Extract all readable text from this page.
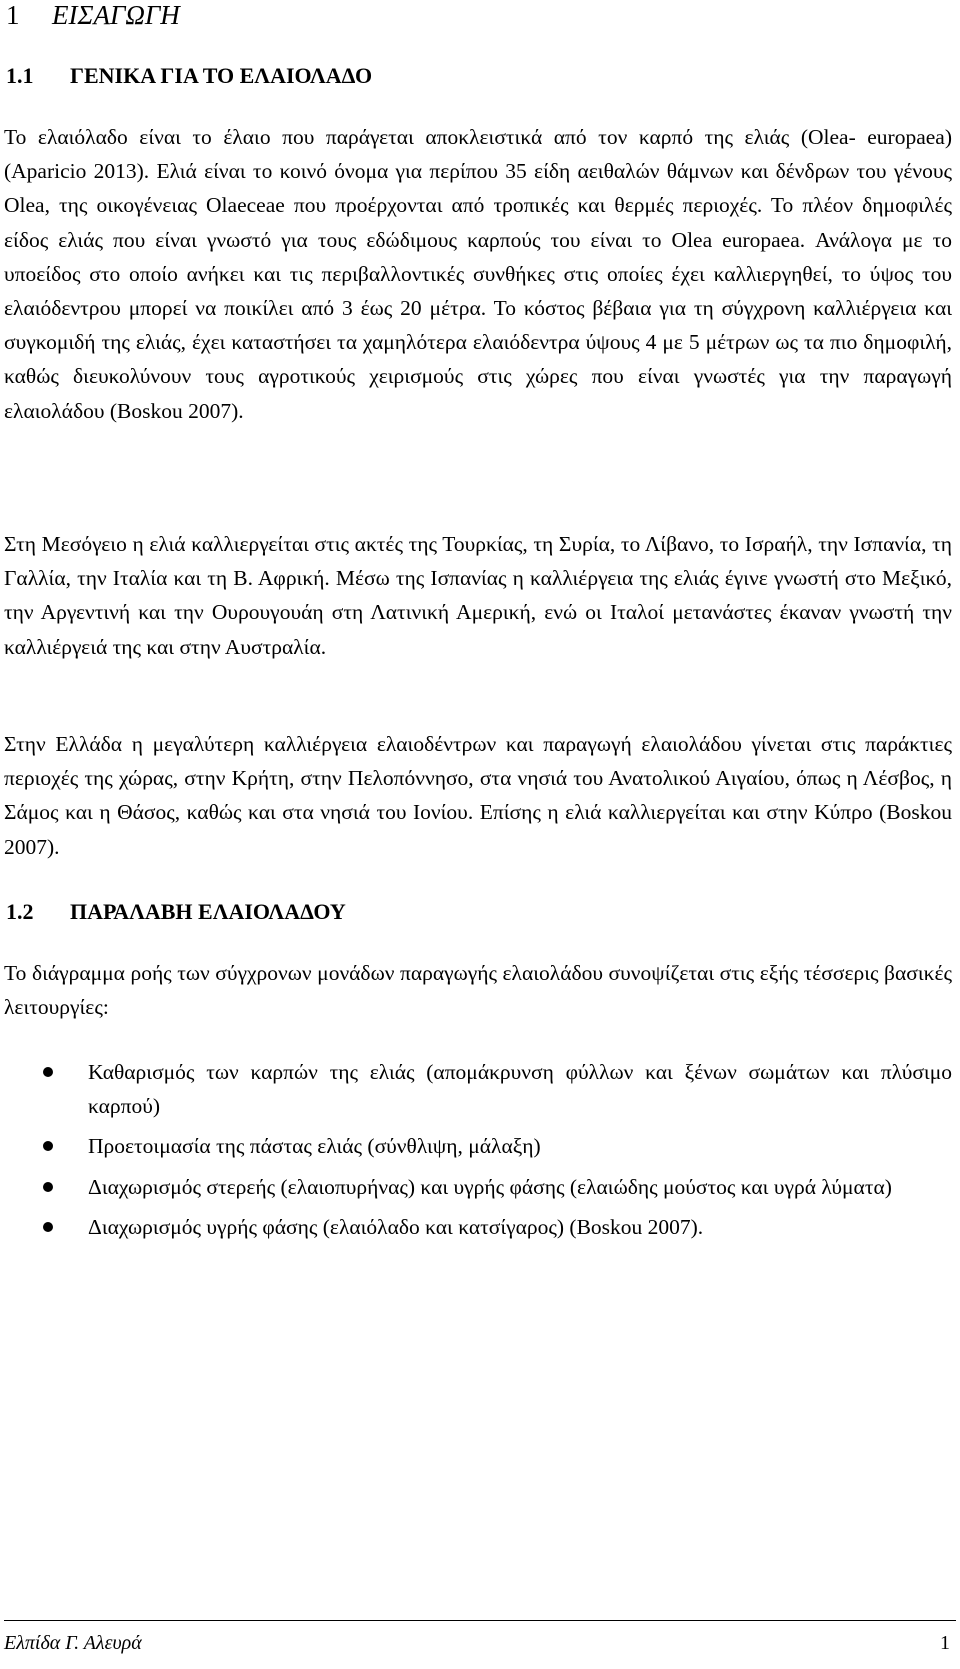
1 ΕΙΣΑΓΩΓΗ
1.1 ΓΕΝΙΚΑ ΓΙΑ ΤΟ ΕΛΑΙΟΛΑΔΟ

Το ελαιόλαδο είναι το έλαιο που παράγεται αποκλειστικά από τον καρπό της ελιάς (Olea- europaea) (Aparicio 2013). Ελιά είναι το κοινό όνομα για περίπου 35 είδη αειθαλών θάμνων και δένδρων του γένους Olea, της οικογένειας Olaeceae που προέρχονται από τροπικές και θερμές περιοχές. Το πλέον δημοφιλές είδος ελιάς που είναι γνωστό για τους εδώδιμους καρπούς του είναι το Olea europaea. Ανάλογα με το υποείδος στο οποίο ανήκει και τις περιβαλλοντικές συνθήκες στις οποίες έχει καλλιεργηθεί, το ύψος του ελαιόδεντρου μπορεί να ποικίλει από 3 έως 20 μέτρα. Το κόστος βέβαια για τη σύγχρονη καλλιέργεια και συγκομιδή της ελιάς, έχει καταστήσει τα χαμηλότερα ελαιόδεντρα ύψους 4 με 5 μέτρων ως τα πιο δημοφιλή, καθώς διευκολύνουν τους αγροτικούς χειρισμούς στις χώρες που είναι γνωστές για την παραγωγή ελαιολάδου (Boskou 2007).

Στη Μεσόγειο η ελιά καλλιεργείται στις ακτές της Τουρκίας, τη Συρία, το Λίβανο, το Ισραήλ, την Ισπανία, τη Γαλλία, την Ιταλία και τη Β. Αφρική. Μέσω της Ισπανίας η καλλιέργεια της ελιάς έγινε γνωστή στο Μεξικό, την Αργεντινή και την Ουρουγουάη στη Λατινική Αμερική, ενώ οι Ιταλοί μετανάστες έκαναν γνωστή την καλλιέργειά της και στην Αυστραλία.

Στην Ελλάδα η μεγαλύτερη καλλιέργεια ελαιοδέντρων και παραγωγή ελαιολάδου γίνεται στις παράκτιες περιοχές της χώρας, στην Κρήτη, στην Πελοπόννησο, στα νησιά του Ανατολικού Αιγαίου, όπως η Λέσβος, η Σάμος και η Θάσος, καθώς και στα νησιά του Ιονίου. Επίσης η ελιά καλλιεργείται και στην Κύπρο (Boskou 2007).

1.2 ΠΑΡΑΛΑΒΗ ΕΛΑΙΟΛΑΔΟΥ

Το διάγραμμα ροής των σύγχρονων μονάδων παραγωγής ελαιολάδου συνοψίζεται στις εξής τέσσερις βασικές λειτουργίες:

Καθαρισμός των καρπών της ελιάς (απομάκρυνση φύλλων και ξένων σωμάτων και πλύσιμο καρπού)
Προετοιμασία της πάστας ελιάς (σύνθλιψη, μάλαξη)
Διαχωρισμός στερεής (ελαιοπυρήνας) και υγρής φάσης (ελαιώδης μούστος και υγρά λύματα)
Διαχωρισμός υγρής φάσης (ελαιόλαδο και κατσίγαρος) (Boskou 2007).
Ελπίδα Γ. Αλευρά	1
